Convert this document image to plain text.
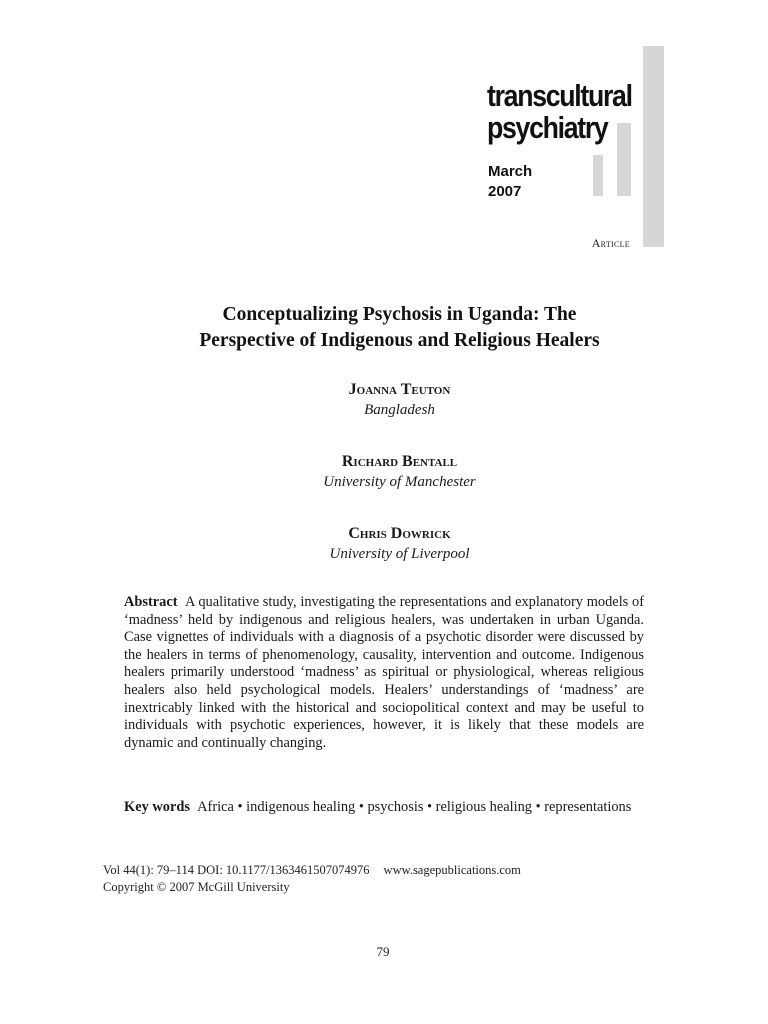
transcultural
psychiatry
March
2007
Article
Conceptualizing Psychosis in Uganda: The
Perspective of Indigenous and Religious Healers
Joanna Teuton
Bangladesh
Richard Bentall
University of Manchester
Chris Dowrick
University of Liverpool
Abstract A qualitative study, investigating the representations and explanatory models of ‘madness’ held by indigenous and religious healers, was undertaken in urban Uganda. Case vignettes of individuals with a diagnosis of a psychotic disorder were discussed by the healers in terms of phenomenology, causality, intervention and outcome. Indigenous healers primarily understood ‘madness’ as spiritual or physiological, whereas religious healers also held psychological models. Healers’ understandings of ‘madness’ are inextricably linked with the historical and sociopolitical context and may be useful to individuals with psychotic experiences, however, it is likely that these models are dynamic and continually changing.
Key words Africa • indigenous healing • psychosis • religious healing • representations
Vol 44(1): 79–114 DOI: 10.1177/1363461507074976 www.sagepublications.com
Copyright © 2007 McGill University
79
